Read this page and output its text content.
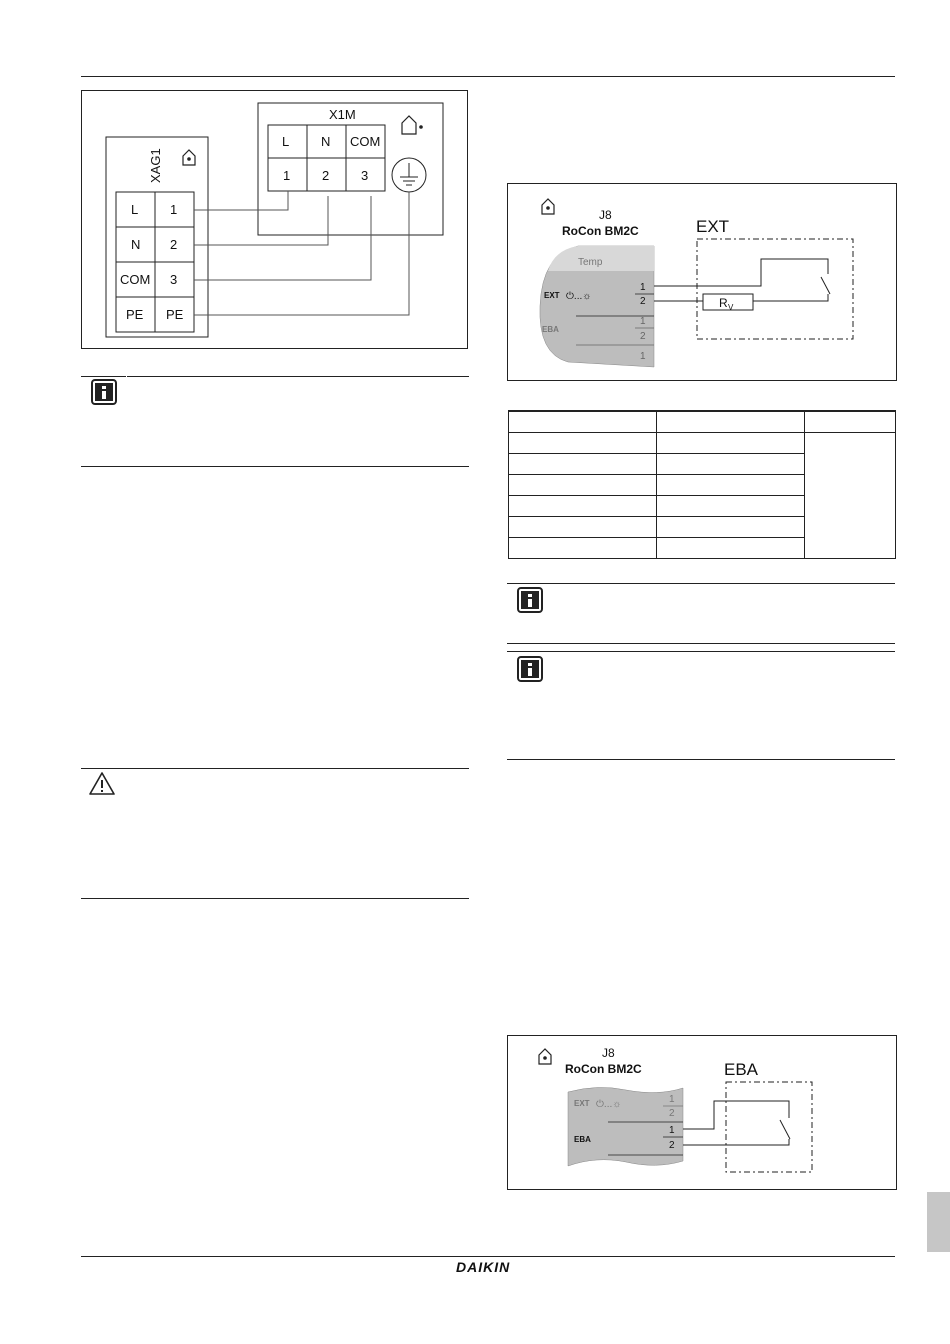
DAIKIN
X1M
L N COM
1 2 3
XAG1
L 1
N 2
COM 3
PE PE
J8
RoCon BM2C
Temp
EXT ⏻...☼
EBA
1
2
1
2
1
EXT
R V

J8
RoCon BM2C
EXT ⏻...☼	1
2
EBA
1
2
EBA
